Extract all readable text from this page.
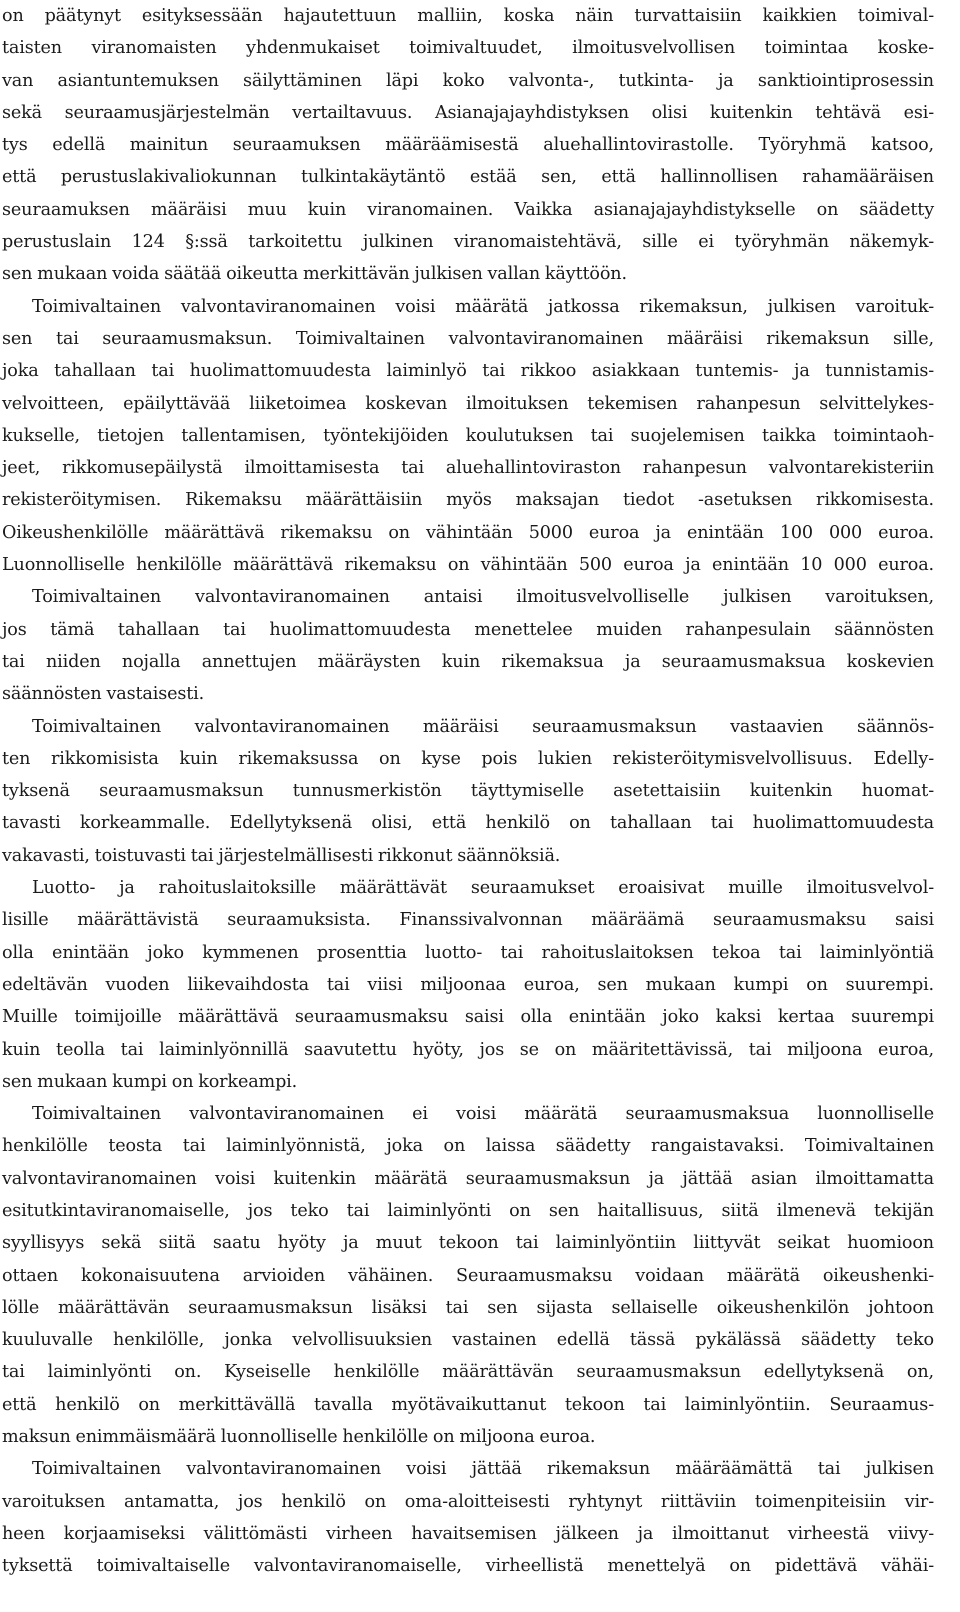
on päätynyt esityksessään hajautettuun malliin, koska näin turvattaisiin kaikkien toimival-

taisten viranomaisten yhdenmukaiset toimivaltuudet, ilmoitusvelvollisen toimintaa koske-

van asiantuntemuksen säilyttäminen läpi koko valvonta-, tutkinta- ja sanktiointiprosessin

sekä seuraamusjärjestelmän vertailtavuus. Asianajajayhdistyksen olisi kuitenkin tehtävä esi-

tys edellä mainitun seuraamuksen määräämisestä aluehallintovirastolle. Työryhmä katsoo,

että perustuslakivaliokunnan tulkintakäytäntö estää sen, että hallinnollisen rahamääräisen

seuraamuksen määräisi muu kuin viranomainen. Vaikka asianajajayhdistykselle on säädetty

perustuslain 124 §:ssä tarkoitettu julkinen viranomaistehtävä, sille ei työryhmän näkemyk-

sen mukaan voida säätää oikeutta merkittävän julkisen vallan käyttöön.

Toimivaltainen valvontaviranomainen voisi määrätä jatkossa rikemaksun, julkisen varoituk-

sen tai seuraamusmaksun. Toimivaltainen valvontaviranomainen määräisi rikemaksun sille,

joka tahallaan tai huolimattomuudesta laiminlyö tai rikkoo asiakkaan tuntemis- ja tunnistamis-

velvoitteen, epäilyttävää liiketoimea koskevan ilmoituksen tekemisen rahanpesun selvittelykes-

kukselle, tietojen tallentamisen, työntekijöiden koulutuksen tai suojelemisen taikka toimintaoh-

jeet, rikkomusepäilystä ilmoittamisesta tai aluehallintoviraston rahanpesun valvontarekisteriin

rekisteröitymisen. Rikemaksu määrättäisiin myös maksajan tiedot -asetuksen rikkomisesta.

Oikeushenkilölle määrättävä rikemaksu on vähintään 5000 euroa ja enintään 100 000 euroa.

Luonnolliselle henkilölle määrättävä rikemaksu on vähintään 500 euroa ja enintään 10 000 euroa.

Toimivaltainen valvontaviranomainen antaisi ilmoitusvelvolliselle julkisen varoituksen,

jos tämä tahallaan tai huolimattomuudesta menettelee muiden rahanpesulain säännösten

tai niiden nojalla annettujen määräysten kuin rikemaksua ja seuraamusmaksua koskevien

säännösten vastaisesti.

Toimivaltainen valvontaviranomainen määräisi seuraamusmaksun vastaavien säännös-

ten rikkomisista kuin rikemaksussa on kyse pois lukien rekisteröitymisvelvollisuus. Edelly-

tyksenä seuraamusmaksun tunnusmerkistön täyttymiselle asetettaisiin kuitenkin huomat-

tavasti korkeammalle. Edellytyksenä olisi, että henkilö on tahallaan tai huolimattomuudesta

vakavasti, toistuvasti tai järjestelmällisesti rikkonut säännöksiä.

Luotto- ja rahoituslaitoksille määrättävät seuraamukset eroaisivat muille ilmoitusvelvol-

lisille määrättävistä seuraamuksista. Finanssivalvonnan määräämä seuraamusmaksu saisi

olla enintään joko kymmenen prosenttia luotto- tai rahoituslaitoksen tekoa tai laiminlyöntiä

edeltävän vuoden liikevaihdosta tai viisi miljoonaa euroa, sen mukaan kumpi on suurempi.

Muille toimijoille määrättävä seuraamusmaksu saisi olla enintään joko kaksi kertaa suurempi

kuin teolla tai laiminlyönnillä saavutettu hyöty, jos se on määritettävissä, tai miljoona euroa,

sen mukaan kumpi on korkeampi.

Toimivaltainen valvontaviranomainen ei voisi määrätä seuraamusmaksua luonnolliselle

henkilölle teosta tai laiminlyönnistä, joka on laissa säädetty rangaistavaksi. Toimivaltainen

valvontaviranomainen voisi kuitenkin määrätä seuraamusmaksun ja jättää asian ilmoittamatta

esitutkintaviranomaiselle, jos teko tai laiminlyönti on sen haitallisuus, siitä ilmenevä tekijän

syyllisyys sekä siitä saatu hyöty ja muut tekoon tai laiminlyöntiin liittyvät seikat huomioon

ottaen kokonaisuutena arvioiden vähäinen. Seuraamusmaksu voidaan määrätä oikeushenki-

lölle määrättävän seuraamusmaksun lisäksi tai sen sijasta sellaiselle oikeushenkilön johtoon

kuuluvalle henkilölle, jonka velvollisuuksien vastainen edellä tässä pykälässä säädetty teko

tai laiminlyönti on. Kyseiselle henkilölle määrättävän seuraamusmaksun edellytyksenä on,

että henkilö on merkittävällä tavalla myötävaikuttanut tekoon tai laiminlyöntiin. Seuraamus-

maksun enimmäismäärä luonnolliselle henkilölle on miljoona euroa.

Toimivaltainen valvontaviranomainen voisi jättää rikemaksun määräämättä tai julkisen

varoituksen antamatta, jos henkilö on oma-aloitteisesti ryhtynyt riittäviin toimenpiteisiin vir-

heen korjaamiseksi välittömästi virheen havaitsemisen jälkeen ja ilmoittanut virheestä viivy-

tyksettä toimivaltaiselle valvontaviranomaiselle, virheellistä menettelyä on pidettävä vähäi-
